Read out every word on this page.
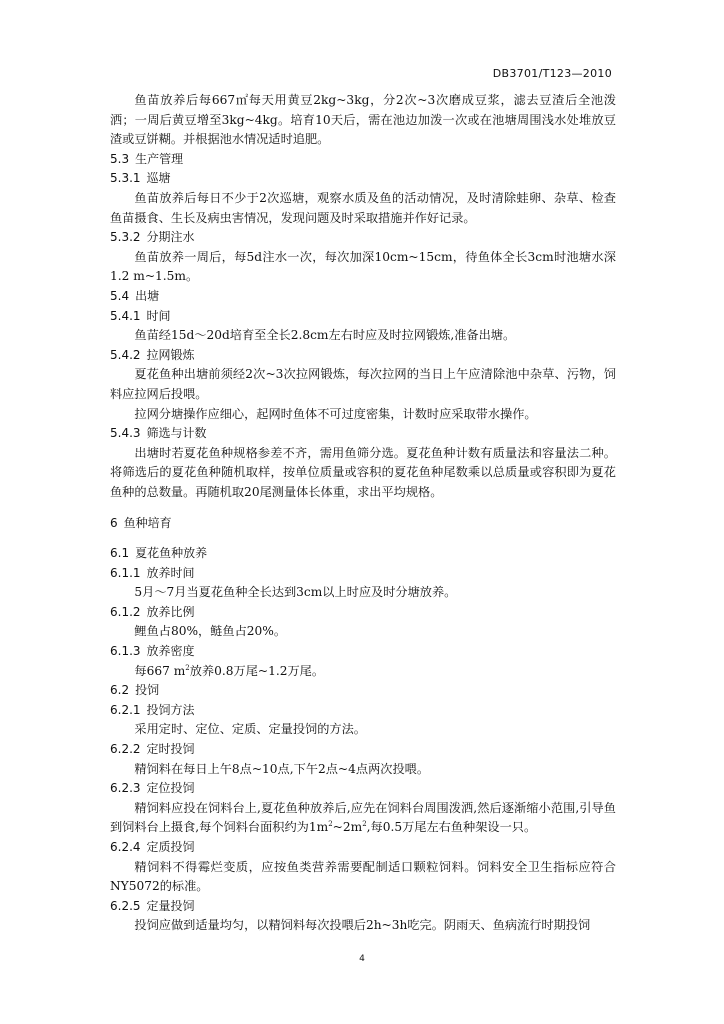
DB3701/T123—2010

鱼苗放养后每667㎡每天用黄豆2kg~3kg，分2次~3次磨成豆浆，滤去豆渣后全池泼洒；一周后黄豆增至3kg~4kg。培育10天后，需在池边加泼一次或在池塘周围浅水处堆放豆渣或豆饼糊。并根据池水情况适时追肥。

5.3 生产管理
5.3.1 巡塘

鱼苗放养后每日不少于2次巡塘，观察水质及鱼的活动情况，及时清除蛙卵、杂草、检查鱼苗摄食、生长及病虫害情况，发现问题及时采取措施并作好记录。

5.3.2 分期注水

鱼苗放养一周后，每5d注水一次，每次加深10cm~15cm，待鱼体全长3cm时池塘水深1.2 m~1.5m。

5.4 出塘
5.4.1 时间

鱼苗经15d～20d培育至全长2.8cm左右时应及时拉网锻炼,准备出塘。

5.4.2 拉网锻炼

夏花鱼种出塘前须经2次~3次拉网锻炼，每次拉网的当日上午应清除池中杂草、污物，饲料应拉网后投喂。

拉网分塘操作应细心，起网时鱼体不可过度密集，计数时应采取带水操作。

5.4.3 筛选与计数

出塘时若夏花鱼种规格参差不齐，需用鱼筛分选。夏花鱼种计数有质量法和容量法二种。将筛选后的夏花鱼种随机取样，按单位质量或容积的夏花鱼种尾数乘以总质量或容积即为夏花鱼种的总数量。再随机取20尾测量体长体重，求出平均规格。

6 鱼种培育
6.1 夏花鱼种放养
6.1.1 放养时间

5月～7月当夏花鱼种全长达到3cm以上时应及时分塘放养。

6.1.2 放养比例

鲤鱼占80%，鲢鱼占20%。

6.1.3 放养密度

每667 $m^2$放养0.8万尾~1.2万尾。

6.2 投饲
6.2.1 投饲方法

采用定时、定位、定质、定量投饲的方法。

6.2.2 定时投饲

精饲料在每日上午8点~10点,下午2点~4点两次投喂。

6.2.3 定位投饲

精饲料应投在饲料台上,夏花鱼种放养后,应先在饲料台周围泼洒,然后逐渐缩小范围,引导鱼到饲料台上摄食,每个饲料台面积约为$1m^2\sim 2m^2$,每0.5万尾左右鱼种架设一只。

6.2.4 定质投饲

精饲料不得霉烂变质，应按鱼类营养需要配制适口颗粒饲料。饲料安全卫生指标应符合NY5072的标准。

6.2.5 定量投饲

投饲应做到适量均匀，以精饲料每次投喂后2h~3h吃完。阴雨天、鱼病流行时期投饲

4
